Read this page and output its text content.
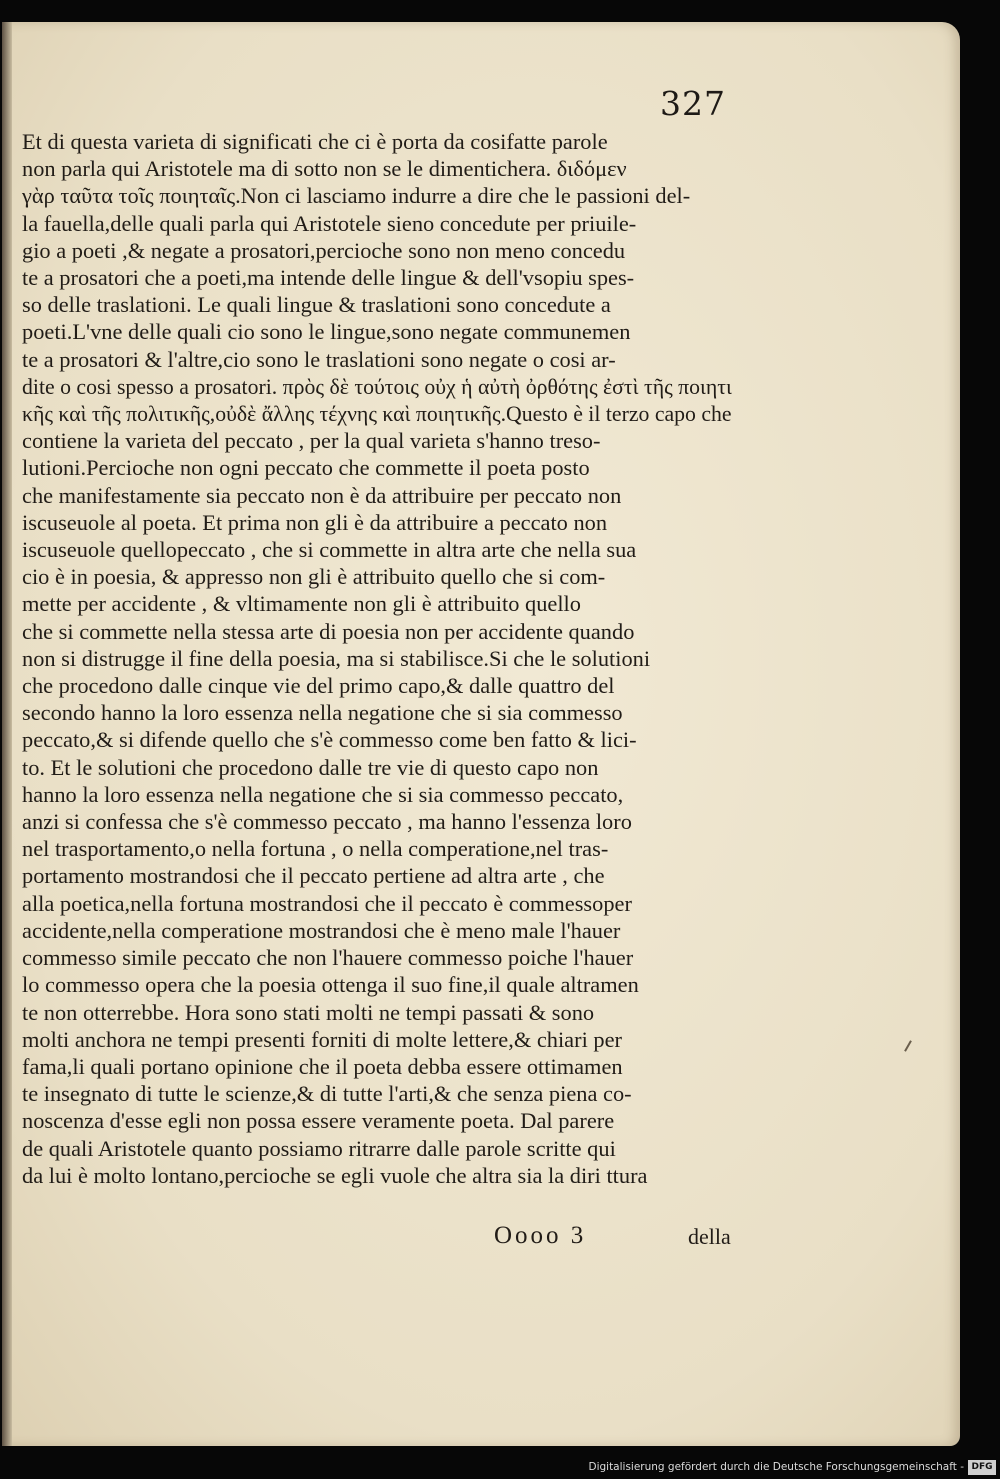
327
Et di questa varieta di significati che ci è porta da cosifatte parole
non parla qui Aristotele ma di sotto non se le dimentichera. διδόμεν
γὰρ ταῦτα τοῖς ποιηταῖς.Non ci lasciamo indurre a dire che le passioni del-
la fauella,delle quali parla qui Aristotele sieno concedute per priuile-
gio a poeti ,& negate a prosatori,percioche sono non meno concedu
te a prosatori che a poeti,ma intende delle lingue & dell'vsopiu spes-
so delle traslationi. Le quali lingue & traslationi sono concedute a
poeti.L'vne delle quali cio sono le lingue,sono negate communemen
te a prosatori & l'altre,cio sono le traslationi sono negate o cosi ar-
dite o cosi spesso a prosatori. πρὸς δὲ τούτοις οὐχ ἡ αὐτὴ ὀρθότης ἐστὶ τῆς ποιητι
κῆς καὶ τῆς πολιτικῆς,οὐδὲ ἄλλης τέχνης καὶ ποιητικῆς.Questo è il terzo capo che
contiene la varieta del peccato , per la qual varieta s'hanno treso-
lutioni.Percioche non ogni peccato che commette il poeta posto
che manifestamente sia peccato non è da attribuire per peccato non
iscuseuole al poeta. Et prima non gli è da attribuire a peccato non
iscuseuole quellopeccato , che si commette in altra arte che nella sua
cio è in poesia, & appresso non gli è attribuito quello che si com-
mette per accidente , & vltimamente non gli è attribuito quello
che si commette nella stessa arte di poesia non per accidente quando
non si distrugge il fine della poesia, ma si stabilisce.Si che le solutioni
che procedono dalle cinque vie del primo capo,& dalle quattro del
secondo hanno la loro essenza nella negatione che si sia commesso
peccato,& si difende quello che s'è commesso come ben fatto & lici-
to. Et le solutioni che procedono dalle tre vie di questo capo non
hanno la loro essenza nella negatione che si sia commesso peccato,
anzi si confessa che s'è commesso peccato , ma hanno l'essenza loro
nel trasportamento,o nella fortuna , o nella comperatione,nel tras-
portamento mostrandosi che il peccato pertiene ad altra arte , che
alla poetica,nella fortuna mostrandosi che il peccato è commessoper
accidente,nella comperatione mostrandosi che è meno male l'hauer
commesso simile peccato che non l'hauere commesso poiche l'hauer
lo commesso opera che la poesia ottenga il suo fine,il quale altramen
te non otterrebbe. Hora sono stati molti ne tempi passati & sono
molti anchora ne tempi presenti forniti di molte lettere,& chiari per
fama,li quali portano opinione che il poeta debba essere ottimamen
te insegnato di tutte le scienze,& di tutte l'arti,& che senza piena co-
noscenza d'esse egli non possa essere veramente poeta. Dal parere
de quali Aristotele quanto possiamo ritrarre dalle parole scritte qui
da lui è molto lontano,percioche se egli vuole che altra sia la diri ttura
Oooo 3	della
Digitalisierung gefördert durch die Deutsche Forschungsgemeinschaft - DFG
